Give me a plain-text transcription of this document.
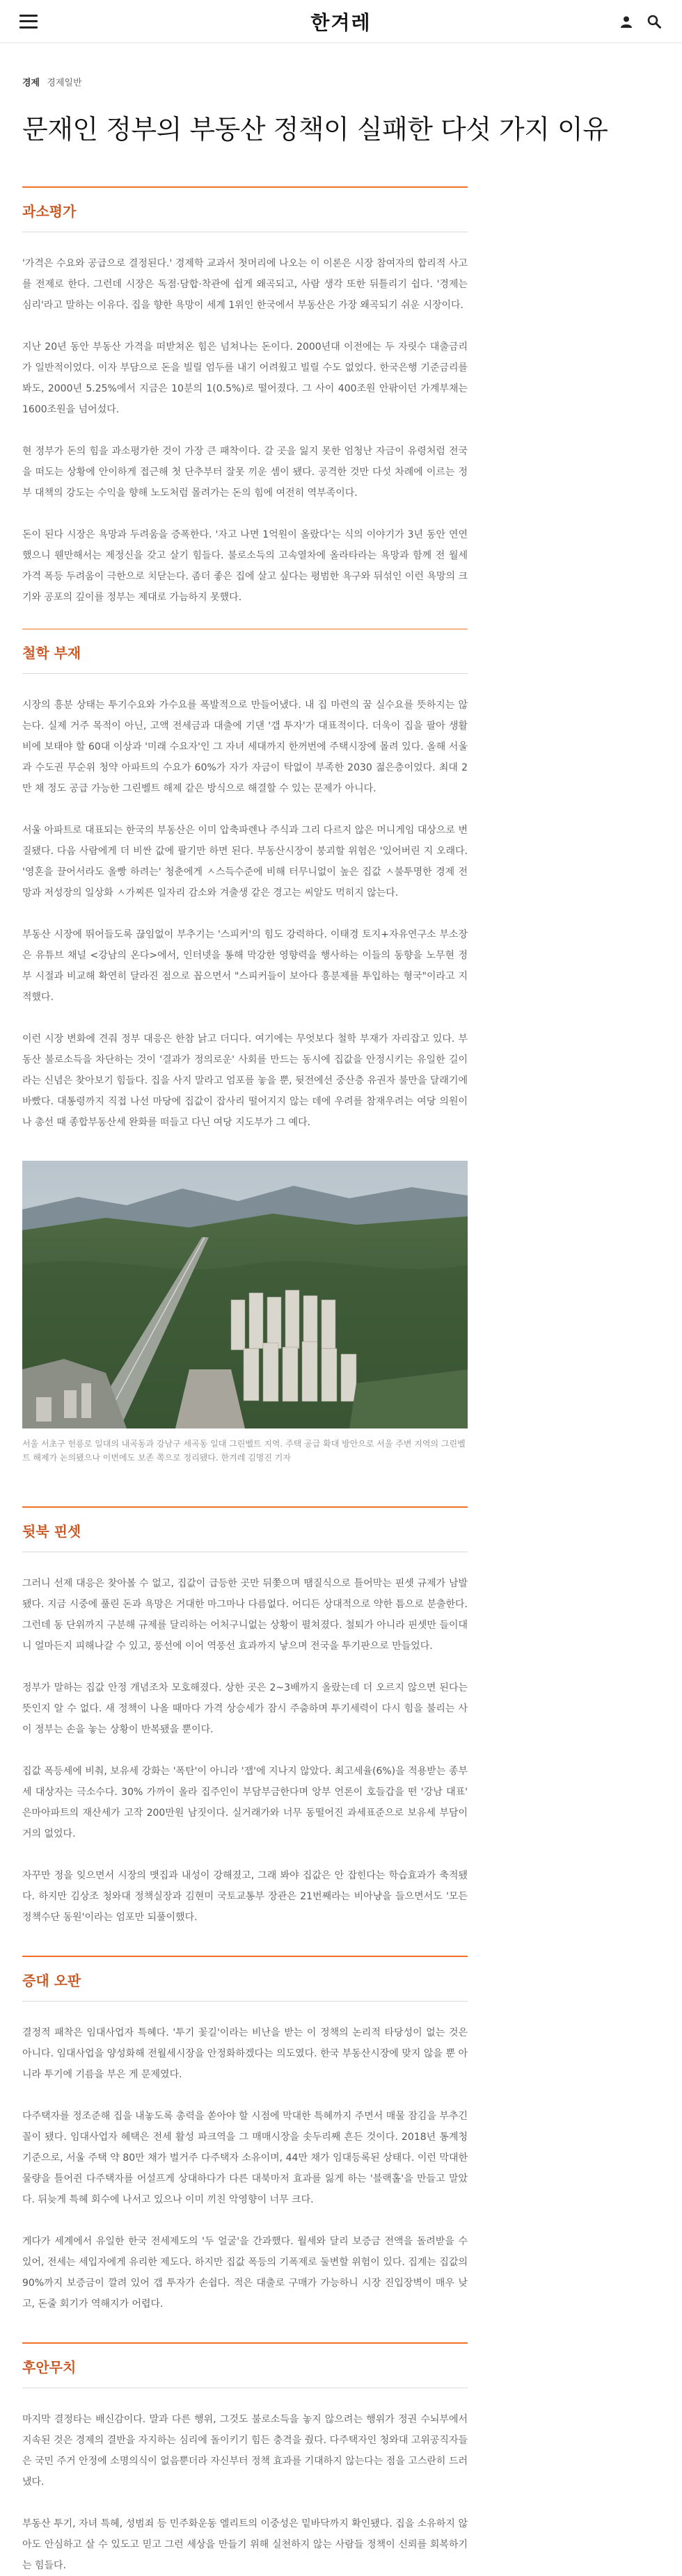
한겨레
경제 경제일반
문재인 정부의 부동산 정책이 실패한 다섯 가지 이유
과소평가

'가격은 수요와 공급으로 결정된다.' 경제학 교과서 첫머리에 나오는 이 이론은 시장 참여자의 합리적 사고를 전제로 한다. 그런데 시장은 독점·담합·착관에 쉽게 왜곡되고, 사람 생각 또한 뒤틀리기 쉽다. '경제는 심리'라고 말하는 이유다. 집을 향한 욕망이 세계 1위인 한국에서 부동산은 가장 왜곡되기 쉬운 시장이다.

지난 20년 동안 부동산 가격을 떠받쳐온 힘은 넘쳐나는 돈이다. 2000년대 이전에는 두 자릿수 대출금리가 일반적이었다. 이자 부담으로 돈을 빌릴 엄두를 내기 어려웠고 빌릴 수도 없었다. 한국은행 기준금리를 봐도, 2000년 5.25%에서 지금은 10분의 1(0.5%)로 떨어졌다. 그 사이 400조원 안팎이던 가계부채는 1600조원을 넘어섰다.

현 정부가 돈의 힘을 과소평가한 것이 가장 큰 패착이다. 갈 곳을 잃지 못한 엄청난 자금이 유령처럼 전국을 떠도는 상황에 안이하게 접근해 첫 단추부터 잘못 끼운 셈이 됐다. 공격한 것만 다섯 차례에 이르는 정부 대책의 강도는 수익을 향해 노도처럼 몰려가는 돈의 힘에 여전히 역부족이다.

돈이 된다 시장은 욕망과 두려움을 증폭한다. '자고 나면 1억원이 올랐다'는 식의 이야기가 3년 동안 연연했으니 웬만해서는 제정신을 갖고 살기 힘들다. 불로소득의 고속열차에 올라타라는 욕망과 함께 전 월세 가격 폭등 두려움이 극한으로 치닫는다. 좀더 좋은 집에 살고 싶다는 평범한 욕구와 뒤섞인 이런 욕망의 크기와 공포의 깊이를 정부는 제대로 가늠하지 못했다.

철학 부재

시장의 흥분 상태는 투기수요와 가수요를 폭발적으로 만들어냈다. 내 집 마련의 꿈 실수요를 뜻하지는 않는다. 실제 거주 목적이 아닌, 고액 전세금과 대출에 기댄 '갭 투자'가 대표적이다. 더욱이 집을 팔아 생활비에 보태야 할 60대 이상과 '미래 수요자'인 그 자녀 세대까지 한꺼번에 주택시장에 몰려 있다. 올해 서울과 수도권 무순위 청약 아파트의 수요가 60%가 자가 자금이 탁없이 부족한 2030 젊은층이었다. 최대 2만 채 정도 공급 가능한 그린벨트 해제 같은 방식으로 해결할 수 있는 문제가 아니다.

서울 아파트로 대표되는 한국의 부동산은 이미 압축파렌나 주식과 그리 다르지 않은 머니게임 대상으로 변질됐다. 다음 사람에게 더 비싼 값에 팔기만 하면 된다. 부동산시장이 붕괴할 위험은 '있어버린 지 오래다. '영혼을 끌어서라도 올빵 하려는' 청춘에게 ㅅ스득수준에 비해 터무니없이 높은 집값 ㅅ불투명한 경제 전망과 저성장의 일상화 ㅅ가찌른 일자리 감소와 겨출생 같은 경고는 씨알도 먹히지 않는다.

부동산 시장에 뛰어들도록 끊임없이 부추기는 '스피커'의 힘도 강력하다. 이태경 토지+자유연구소 부소장은 유튜브 채널 <강남의 온다>에서, 인터넷을 통해 막강한 영향력을 행사하는 이들의 동향을 노무현 정부 시절과 비교해 확연히 달라진 점으로 꼽으면서 "스피커들이 보아다 흥분제를 투입하는 형국"이라고 지적했다.

이런 시장 변화에 견줘 정부 대응은 한참 낡고 더디다. 여기에는 무엇보다 철학 부재가 자리잡고 있다. 부동산 불로소득을 차단하는 것이 '결과가 정의로운' 사회를 만드는 동시에 집값을 안정시키는 유일한 길이라는 신념은 찾아보기 힘들다. 집을 사지 말라고 엄포를 놓을 뿐, 뒷전에선 중산층 유권자 불만을 달래기에 바빴다. 대통령까지 직접 나선 마당에 집값이 잡사리 떨어지지 않는 데에 우려를 참재우려는 여당 의원이나 총선 때 종합부동산세 완화를 떠들고 다닌 여당 지도부가 그 예다.

서울 서초구 헌릉로 일대의 내곡동과 강남구 세곡동 일대 그린벨트 지역. 주택 공급 확대 방안으로 서울 주변 지역의 그린벨트 해제가 논의됐으나 이번에도 보존 쪽으로 정리됐다. 한겨레 김명진 기자

뒷북 핀셋

그러니 선제 대응은 찾아볼 수 없고, 집값이 급등한 곳만 뒤쫓으며 땜질식으로 틀어막는 핀셋 규제가 남발됐다. 지금 시중에 풀린 돈과 욕망은 거대한 마그마나 다름없다. 어디든 상대적으로 약한 틈으로 분출한다. 그런데 동 단위까지 구분해 규제를 달리하는 어처구니없는 상황이 펼쳐졌다. 철퇴가 아니라 핀셋만 들이대니 얼마든지 피해나갈 수 있고, 풍선에 이어 역풍선 효과까지 낳으며 전국을 투기판으로 만들었다.

정부가 말하는 집값 안정 개념조차 모호해졌다. 상한 곳은 2~3배까지 올랐는데 더 오르지 않으면 된다는 뜻인지 알 수 없다. 새 정책이 나올 때마다 가격 상승세가 잠시 주춤하며 투기세력이 다시 힘을 불리는 사이 정부는 손을 놓는 상황이 반복됐을 뿐이다.

집값 폭등세에 비춰, 보유세 강화는 '폭탄'이 아니라 '잽'에 지나지 않았다. 최고세율(6%)을 적용받는 종부세 대상자는 극소수다. 30% 가까이 올라 집주인이 부담부금한다며 앙부 언론이 호들갑을 떤 '강남 대표' 은마아파트의 재산세가 고작 200만원 남짓이다. 실거래가와 너무 동떨어진 과세표준으로 보유세 부담이 거의 없었다.

자꾸만 정을 잊으면서 시장의 맷집과 내성이 강해졌고, 그래 봐야 집값은 안 잡힌다는 학습효과가 축적됐다. 하지만 김상조 청와대 정책실장과 김현미 국토교통부 장관은 21번째라는 비아냥을 들으면서도 '모든 정책수단 동원'이라는 엄포만 되풀이했다.

증대 오판

결정적 패착은 임대사업자 특혜다. '투기 꽃길'이라는 비난을 받는 이 정책의 논리적 타당성이 없는 것은 아니다. 임대사업을 양성화해 전월세시장을 안정화하겠다는 의도였다. 한국 부동산시장에 맞지 않을 뿐 아니라 투기에 기름을 부은 게 문제였다.

다주택자를 정조준해 집을 내놓도록 총력을 쏟아야 할 시점에 막대한 특혜까지 주면서 매물 잠김을 부추긴 꼴이 됐다. 임대사업자 혜택은 전세 활성 파크역을 그 매매시장을 솟두리째 흔든 것이다. 2018년 통계청 기준으로, 서울 주택 약 80만 채가 벌거주 다주택자 소유이며, 44만 채가 임대등록된 상태다. 이런 막대한 물량을 틀어쥔 다주택자를 어설프게 상대하다가 다른 대북마저 효과를 잃게 하는 '블랙홀'을 만들고 말았다. 뒤늦게 특혜 회수에 나서고 있으나 이미 끼친 악영향이 너무 크다.

게다가 세계에서 유일한 한국 전세제도의 '두 얼굴'을 간과했다. 월세와 달리 보증금 전액을 돌려받을 수 있어, 전세는 세입자에게 유리한 제도다. 하지만 집값 폭등의 기폭제로 둘변할 위험이 있다. 집계는 집값의 90%까지 보증금이 깔려 있어 갭 투자가 손쉽다. 적은 대출로 구매가 가능하니 시장 진입장벽이 매우 낮고, 돈줄 회기가 역해지가 어렵다.

후안무치

마지막 결정타는 배신감이다. 말과 다른 행위, 그것도 불로소득을 놓지 않으려는 행위가 정권 수뇌부에서 지속된 것은 경제의 결반을 자지하는 심리에 돌이키기 힘든 충격을 줬다. 다주택자인 청와대 고위공직자들은 국민 주거 안정에 소명의식이 없음뿐더라 자신부터 정책 효과를 기대하지 않는다는 점을 고스란히 드러냈다.

부동산 투기, 자녀 특혜, 성범죄 등 민주화운동 엘리트의 이중성은 밑바닥까지 확인됐다. 집을 소유하지 않아도 안심하고 살 수 있도고 믿고 그런 세상을 만들기 위해 실천하지 않는 사람들 정책이 신뢰를 회복하기는 힘들다.
